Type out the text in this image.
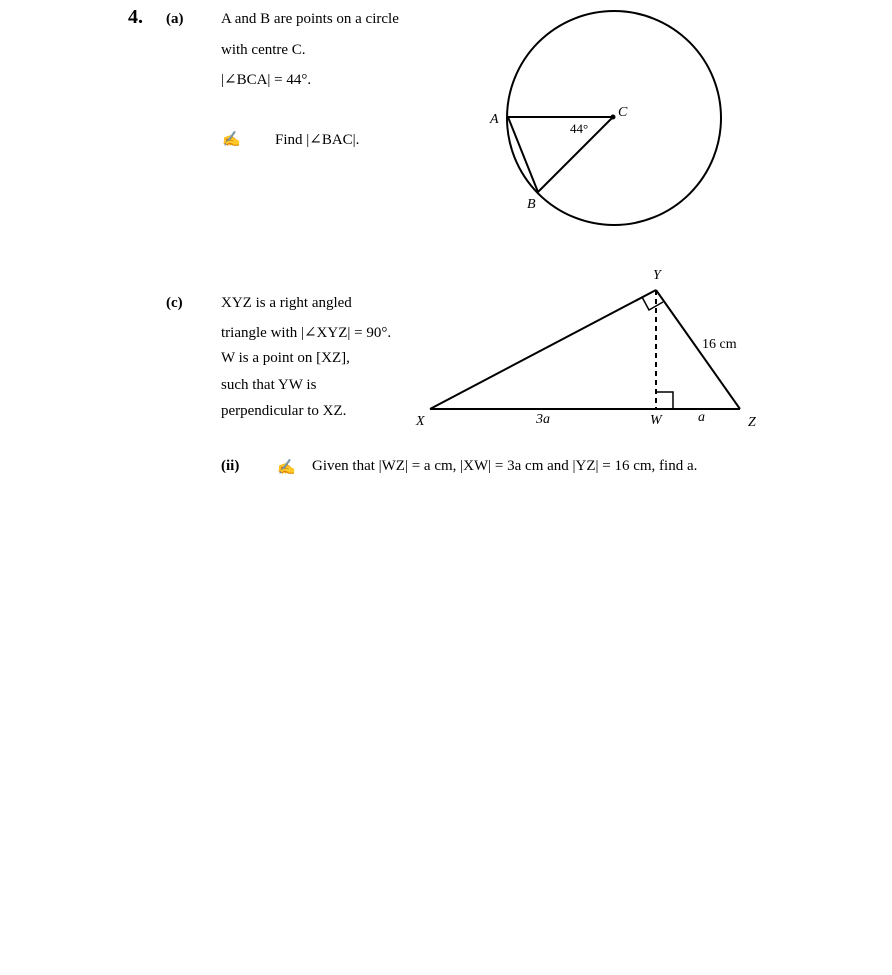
4. (a)	A and B are points on a circle
with centre C.
|∠BCA| = 44°.
✍ Find |∠BAC|.
A	C
B
44°
(c)	XYZ is a right angled
triangle with |∠XYZ| = 90°.
W is a point on [XZ],
such that YW is
perpendicular to XZ.
Y
X	W	Z
16 cm
3a	a
(ii)	✍ Given that |WZ| = a cm, |XW| = 3a cm and |YZ| = 16 cm, find a.
